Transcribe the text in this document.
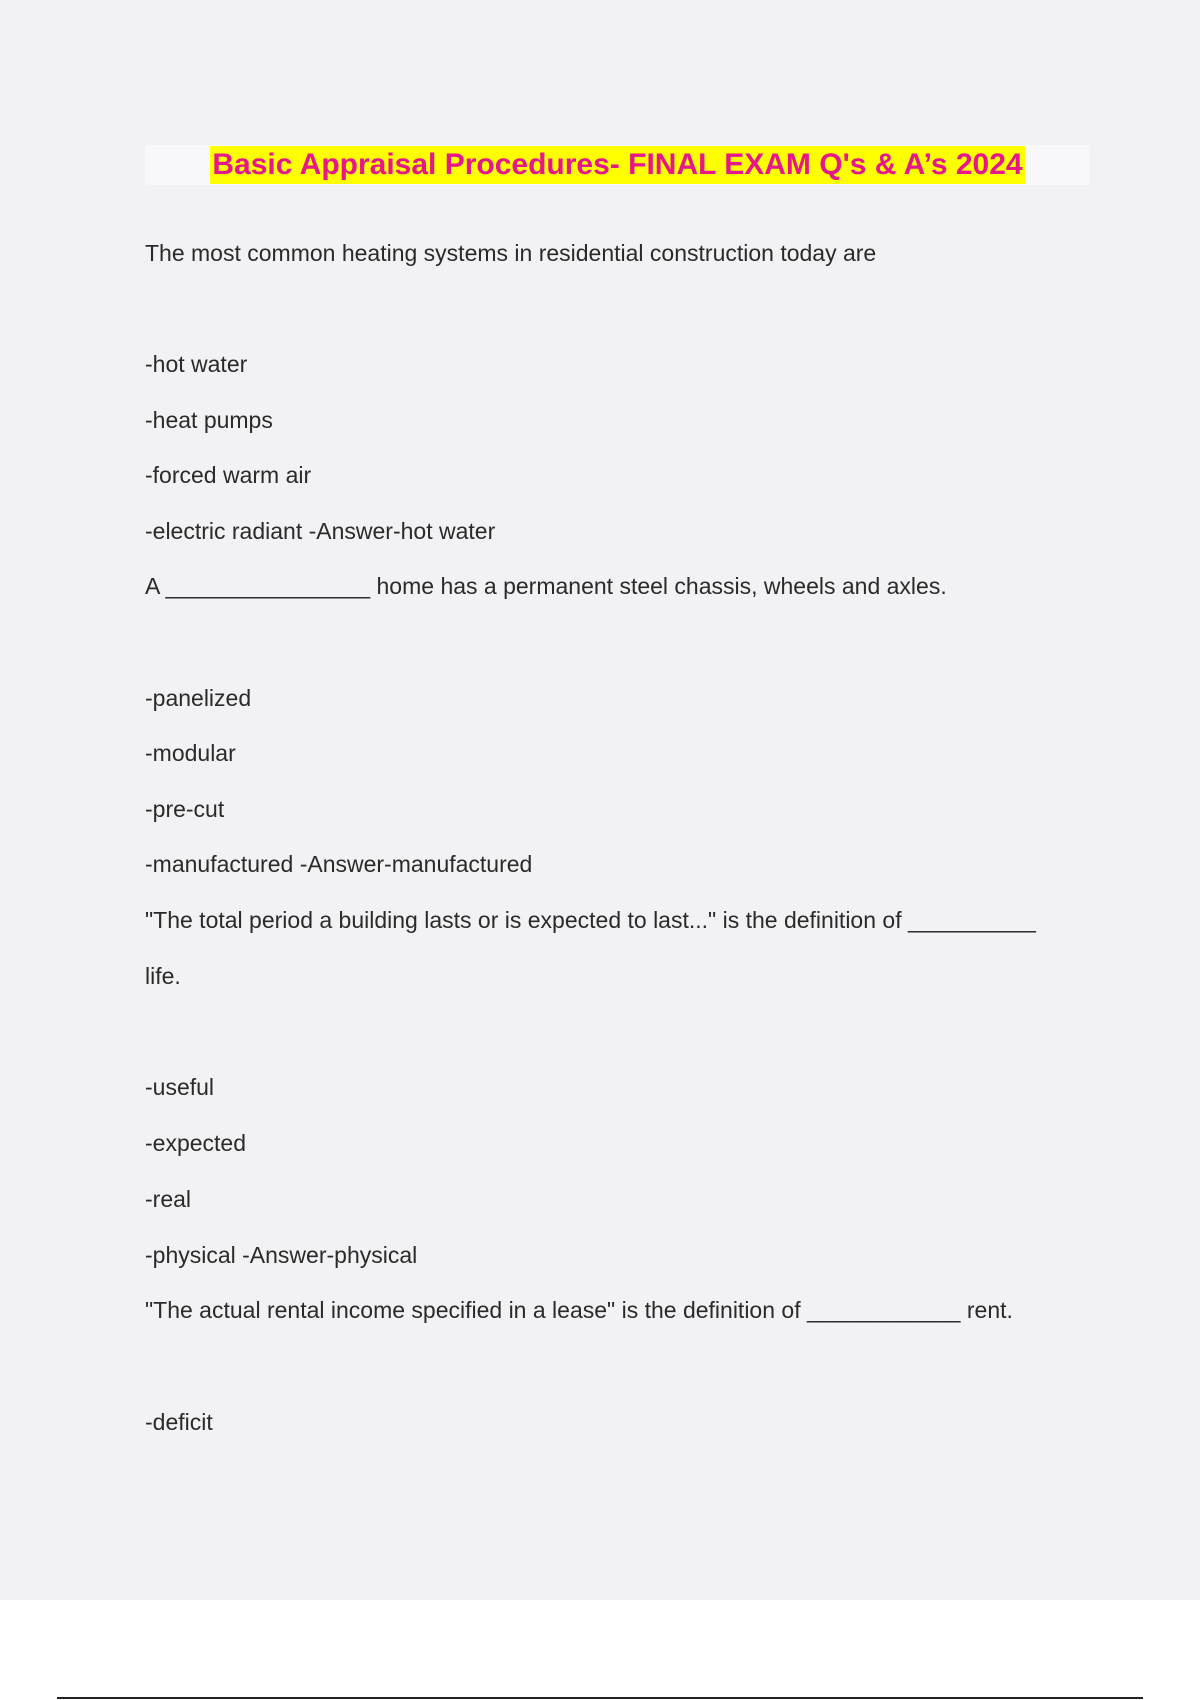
Basic Appraisal Procedures- FINAL EXAM Q's & A’s 2024
The most common heating systems in residential construction today are
-hot water
-heat pumps
-forced warm air
-electric radiant -Answer-hot water
A ________________ home has a permanent steel chassis, wheels and axles.
-panelized
-modular
-pre-cut
-manufactured -Answer-manufactured
"The total period a building lasts or is expected to last..." is the definition of __________
life.
-useful
-expected
-real
-physical -Answer-physical
"The actual rental income specified in a lease" is the definition of ____________ rent.
-deficit
